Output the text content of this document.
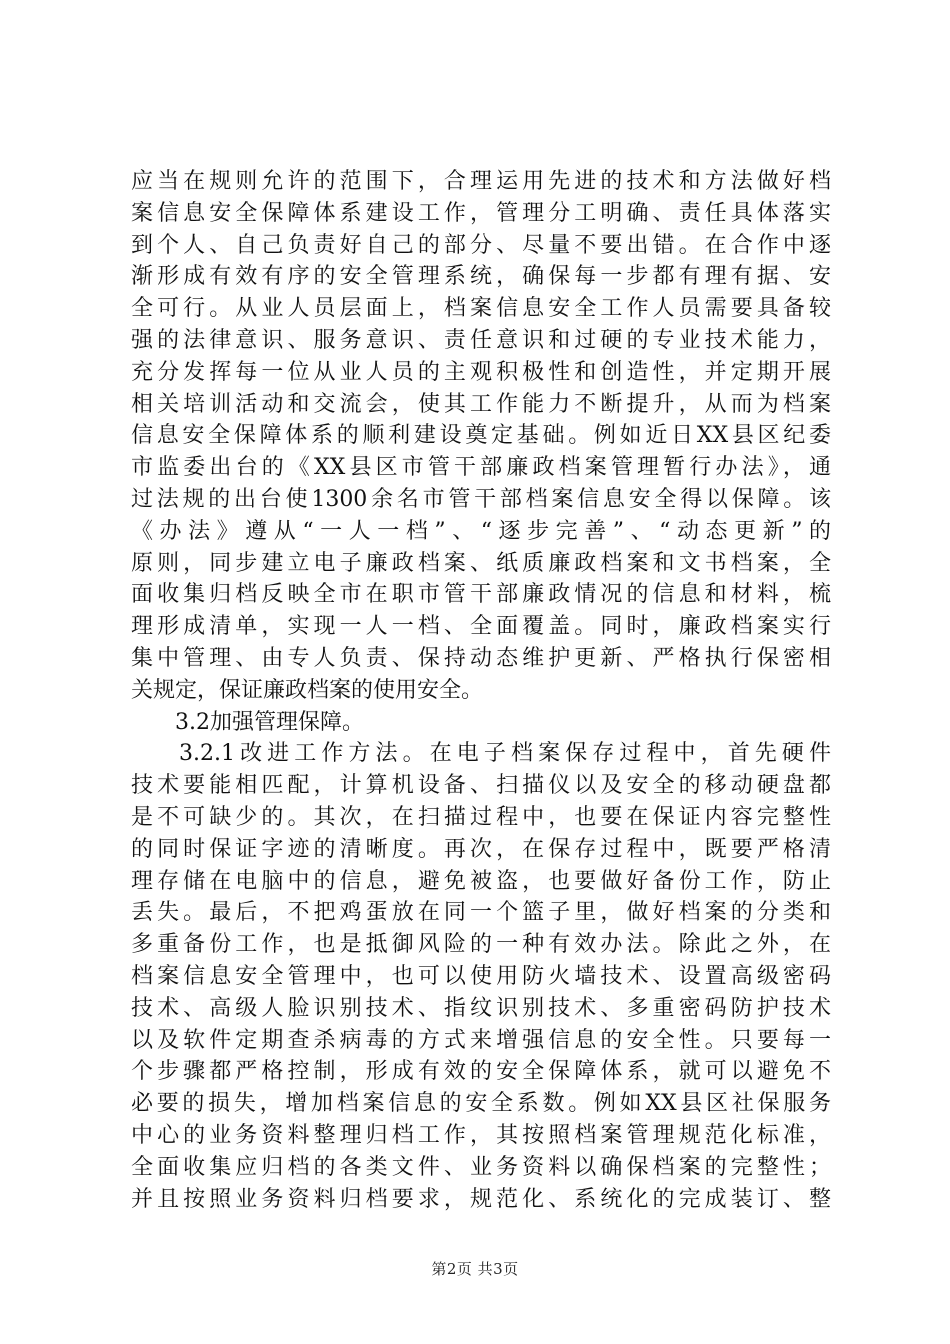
应当在规则允许的范围下，合理运用先进的技术和方法做好档
案信息安全保障体系建设工作，管理分工明确、责任具体落实
到个人、自己负责好自己的部分、尽量不要出错。在合作中逐
渐形成有效有序的安全管理系统，确保每一步都有理有据、安
全可行。从业人员层面上，档案信息安全工作人员需要具备较
强的法律意识、服务意识、责任意识和过硬的专业技术能力，
充分发挥每一位从业人员的主观积极性和创造性，并定期开展
相关培训活动和交流会，使其工作能力不断提升，从而为档案
信息安全保障体系的顺利建设奠定基础。例如近日XX县区纪委
市监委出台的《XX县区市管干部廉政档案管理暂行办法》，通
过法规的出台使1300余名市管干部档案信息安全得以保障。该
《办法》遵从“一人一档”、“逐步完善”、“动态更新”的
原则，同步建立电子廉政档案、纸质廉政档案和文书档案，全
面收集归档反映全市在职市管干部廉政情况的信息和材料，梳
理形成清单，实现一人一档、全面覆盖。同时，廉政档案实行
集中管理、由专人负责、保持动态维护更新、严格执行保密相
关规定，保证廉政档案的使用安全。
3.2加强管理保障。
3.2.1改进工作方法。在电子档案保存过程中，首先硬件
技术要能相匹配，计算机设备、扫描仪以及安全的移动硬盘都
是不可缺少的。其次，在扫描过程中，也要在保证内容完整性
的同时保证字迹的清晰度。再次，在保存过程中，既要严格清
理存储在电脑中的信息，避免被盗，也要做好备份工作，防止
丢失。最后，不把鸡蛋放在同一个篮子里，做好档案的分类和
多重备份工作，也是抵御风险的一种有效办法。除此之外，在
档案信息安全管理中，也可以使用防火墙技术、设置高级密码
技术、高级人脸识别技术、指纹识别技术、多重密码防护技术
以及软件定期查杀病毒的方式来增强信息的安全性。只要每一
个步骤都严格控制，形成有效的安全保障体系，就可以避免不
必要的损失，增加档案信息的安全系数。例如XX县区社保服务
中心的业务资料整理归档工作，其按照档案管理规范化标准，
全面收集应归档的各类文件、业务资料以确保档案的完整性；
并且按照业务资料归档要求，规范化、系统化的完成装订、整
第2页 共3页
